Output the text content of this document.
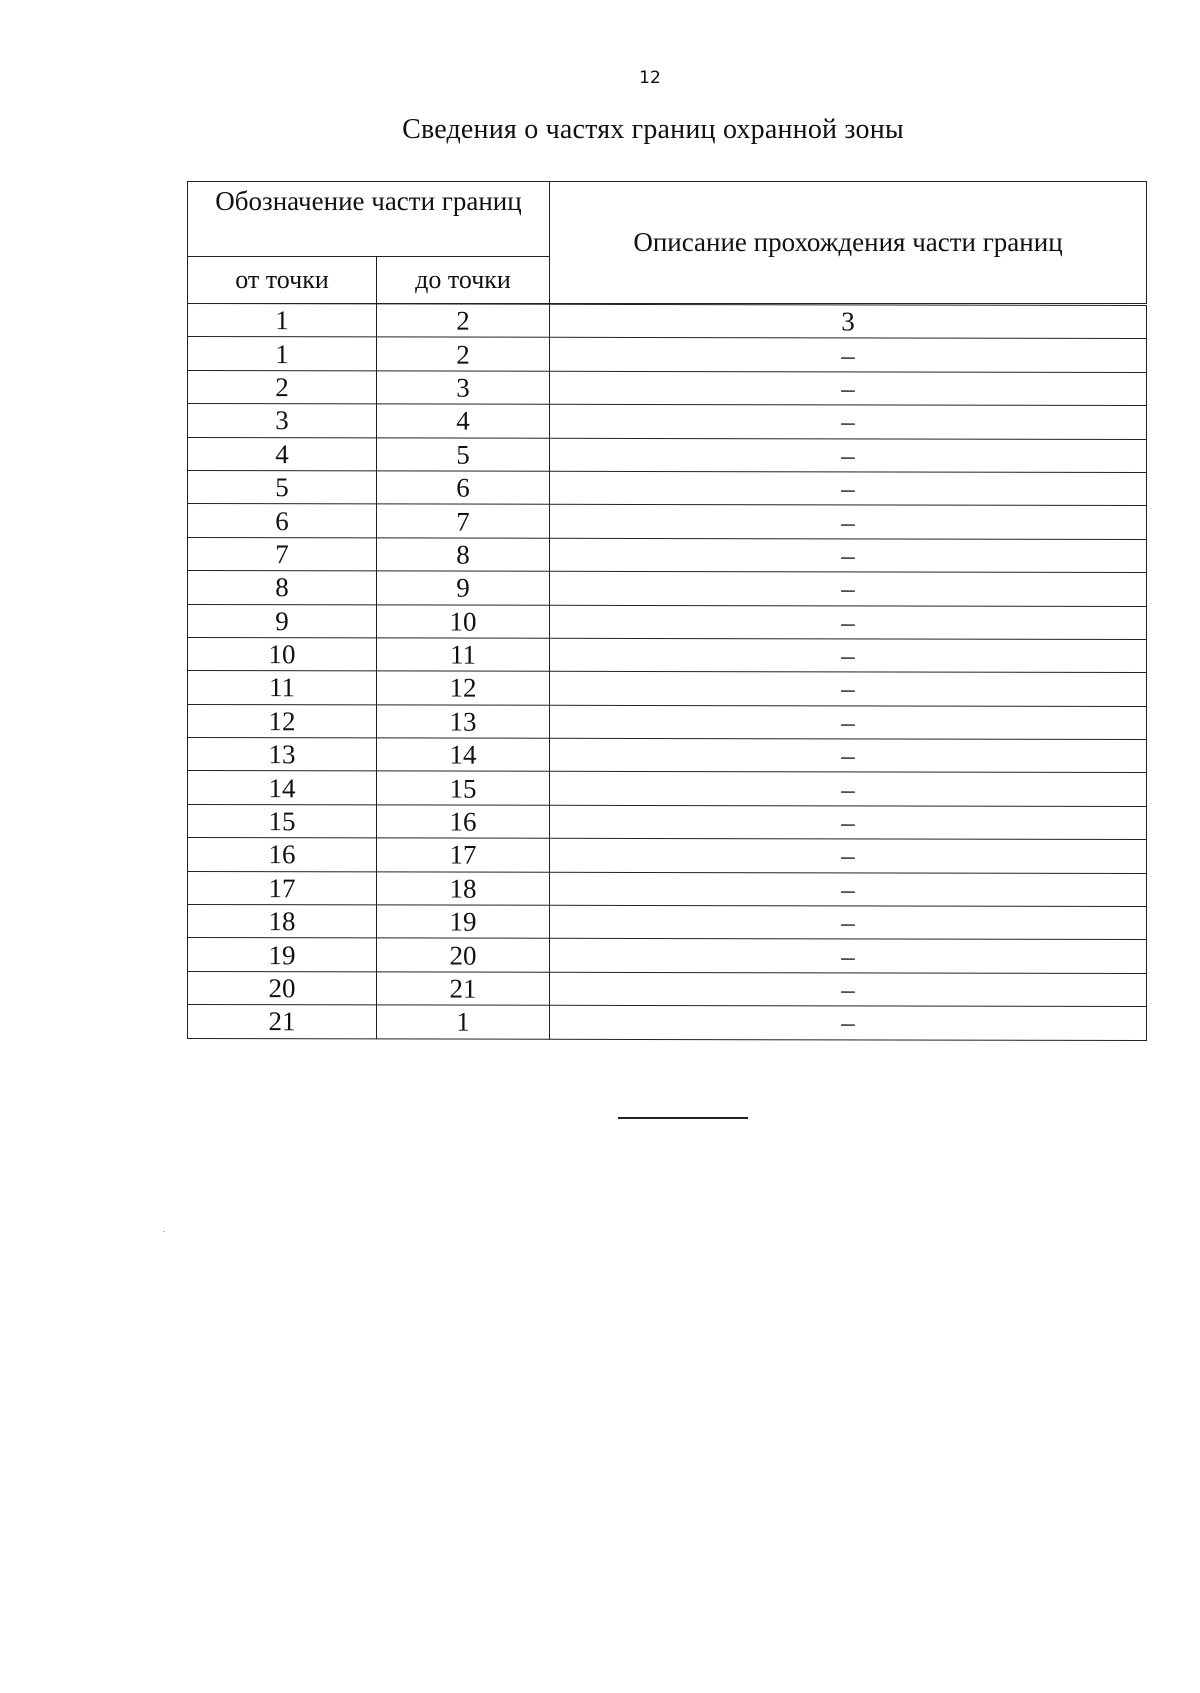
12
Сведения о частях границ охранной зоны
Обозначение части границ		Описание прохождения части границ
от точки	до точки	
1	2	3
1	2	–
2	3	–
3	4	–
4	5	–
5	6	–
6	7	–
7	8	–
8	9	–
9	10	–
10	11	–
11	12	–
12	13	–
13	14	–
14	15	–
15	16	–
16	17	–
17	18	–
18	19	–
19	20	–
20	21	–
21	1	–
